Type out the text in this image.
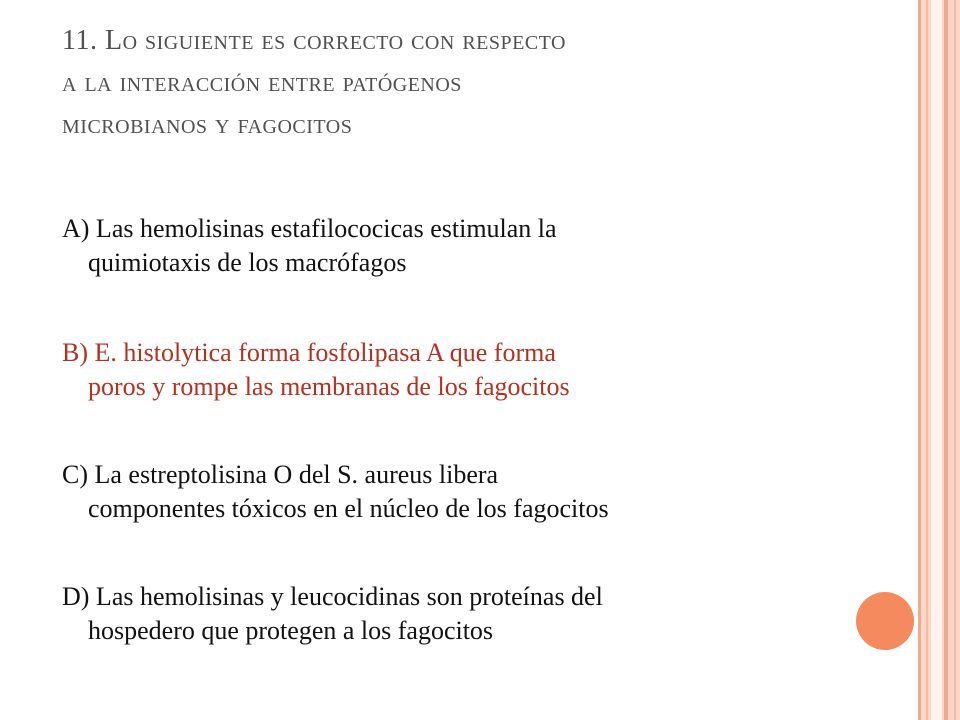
11. Lo siguiente es correcto con respecto
a la interacción entre patógenos
microbianos y fagocitos
A) Las hemolisinas estafilococicas estimulan la
quimiotaxis de los macrófagos
B) E. histolytica forma fosfolipasa A que forma
poros y rompe las membranas de los fagocitos
C) La estreptolisina O del S. aureus libera
componentes tóxicos en el núcleo de los fagocitos
D) Las hemolisinas y leucocidinas son proteínas del
hospedero que protegen a los fagocitos
